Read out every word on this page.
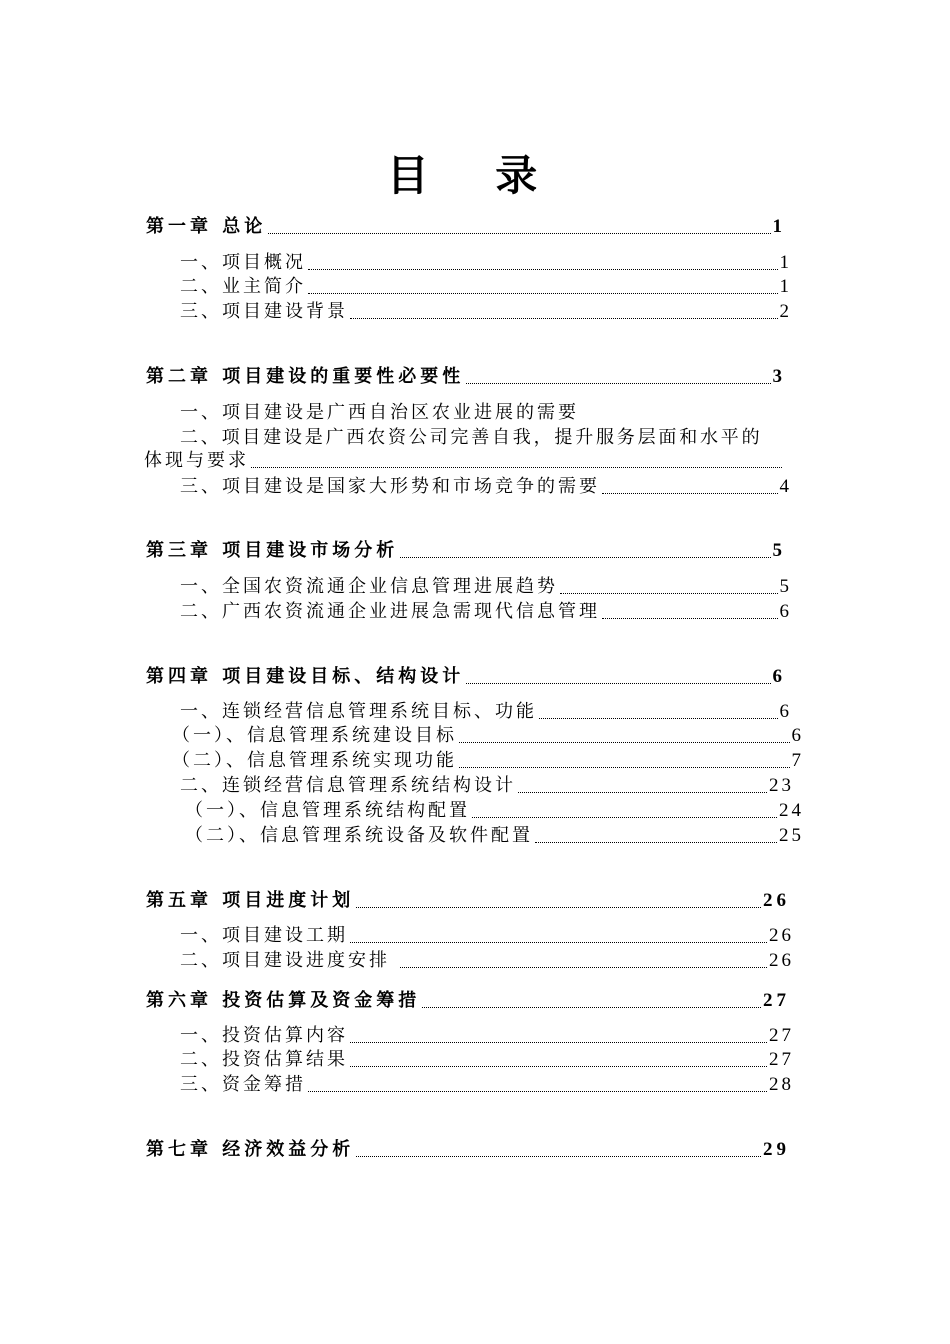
目 录
第一章 总论	1
一、项目概况	1
二、业主简介	1
三、项目建设背景	2
第二章 项目建设的重要性必要性	3
一、项目建设是广西自治区农业进展的需要
二、项目建设是广西农资公司完善自我，提升服务层面和水平的
体现与要求
三、项目建设是国家大形势和市场竞争的需要	4
第三章 项目建设市场分析	5
一、全国农资流通企业信息管理进展趋势	5
二、广西农资流通企业进展急需现代信息管理	6
第四章 项目建设目标、结构设计	6
一、连锁经营信息管理系统目标、功能	6
（一）、信息管理系统建设目标	6
（二）、信息管理系统实现功能	7
二、连锁经营信息管理系统结构设计	23
（一）、信息管理系统结构配置	24
（二）、信息管理系统设备及软件配置	25
第五章 项目进度计划	26
一、项目建设工期	26
二、项目建设进度安排	26
第六章 投资估算及资金筹措	27
一、投资估算内容	27
二、投资估算结果	27
三、资金筹措	28
第七章 经济效益分析	29
